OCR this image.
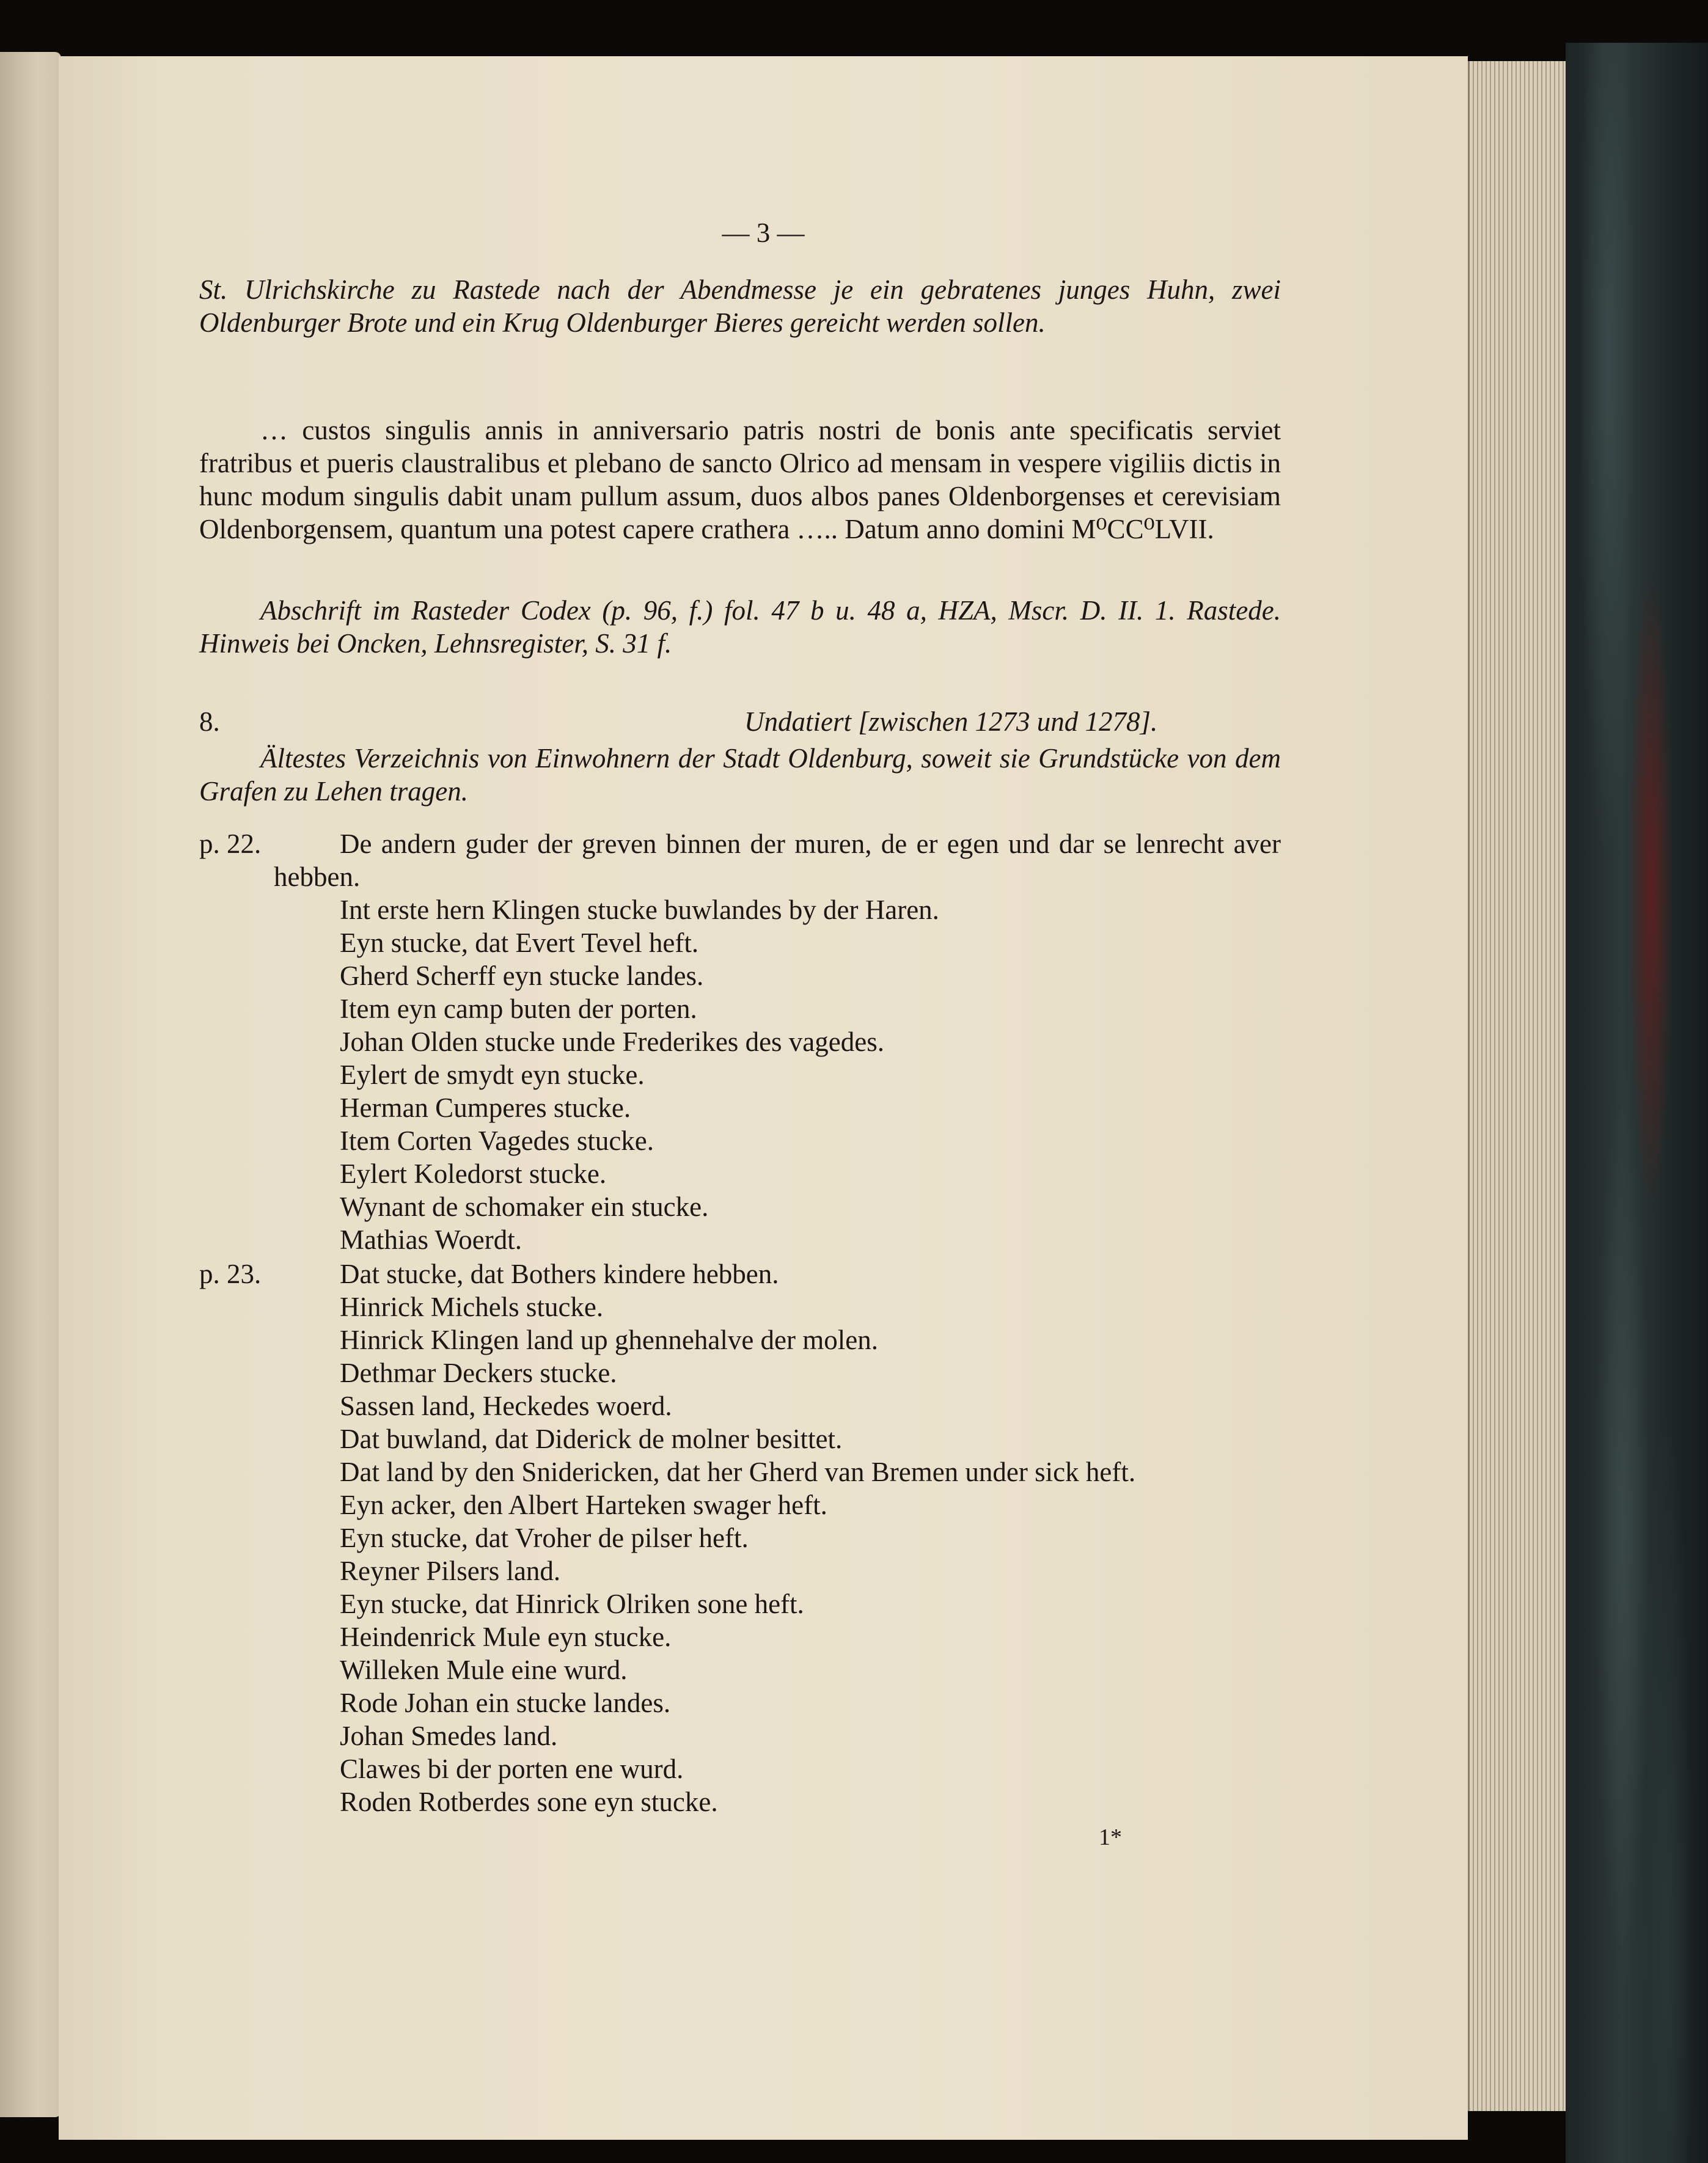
— 3 —
St. Ulrichskirche zu Rastede nach der Abendmesse je ein gebratenes junges Huhn, zwei Oldenburger Brote und ein Krug Oldenburger Bieres gereicht werden sollen.
… custos singulis annis in anniversario patris nostri de bonis ante specificatis serviet fratribus et pueris claustralibus et plebano de sancto Olrico ad mensam in vespere vigiliis dictis in hunc modum singulis dabit unam pullum assum, duos albos panes Oldenborgenses et cerevisiam Oldenborgensem, quantum una potest capere crathera ….. Datum anno domini M⁰CC⁰LVII.
Abschrift im Rasteder Codex (p. 96, f.) fol. 47 b u. 48 a, HZA, Mscr. D. II. 1. Rastede. Hinweis bei Oncken, Lehnsregister, S. 31 f.
8.	Undatiert [zwischen 1273 und 1278].
Ältestes Verzeichnis von Einwohnern der Stadt Oldenburg, soweit sie Grundstücke von dem Grafen zu Lehen tragen.
p. 22.	De andern guder der greven binnen der muren, de er egen und dar se lenrecht aver hebben.
Int erste hern Klingen stucke buwlandes by der Haren.
Eyn stucke, dat Evert Tevel heft.
Gherd Scherff eyn stucke landes.
Item eyn camp buten der porten.
Johan Olden stucke unde Frederikes des vagedes.
Eylert de smydt eyn stucke.
Herman Cumperes stucke.
Item Corten Vagedes stucke.
Eylert Koledorst stucke.
Wynant de schomaker ein stucke.
Mathias Woerdt.
p. 23.	Dat stucke, dat Bothers kindere hebben.
Hinrick Michels stucke.
Hinrick Klingen land up ghennehalve der molen.
Dethmar Deckers stucke.
Sassen land, Heckedes woerd.
Dat buwland, dat Diderick de molner besittet.
Dat land by den Snidericken, dat her Gherd van Bremen under sick heft.
Eyn acker, den Albert Harteken swager heft.
Eyn stucke, dat Vroher de pilser heft.
Reyner Pilsers land.
Eyn stucke, dat Hinrick Olriken sone heft.
Heindenrick Mule eyn stucke.
Willeken Mule eine wurd.
Rode Johan ein stucke landes.
Johan Smedes land.
Clawes bi der porten ene wurd.
Roden Rotberdes sone eyn stucke.
1*
